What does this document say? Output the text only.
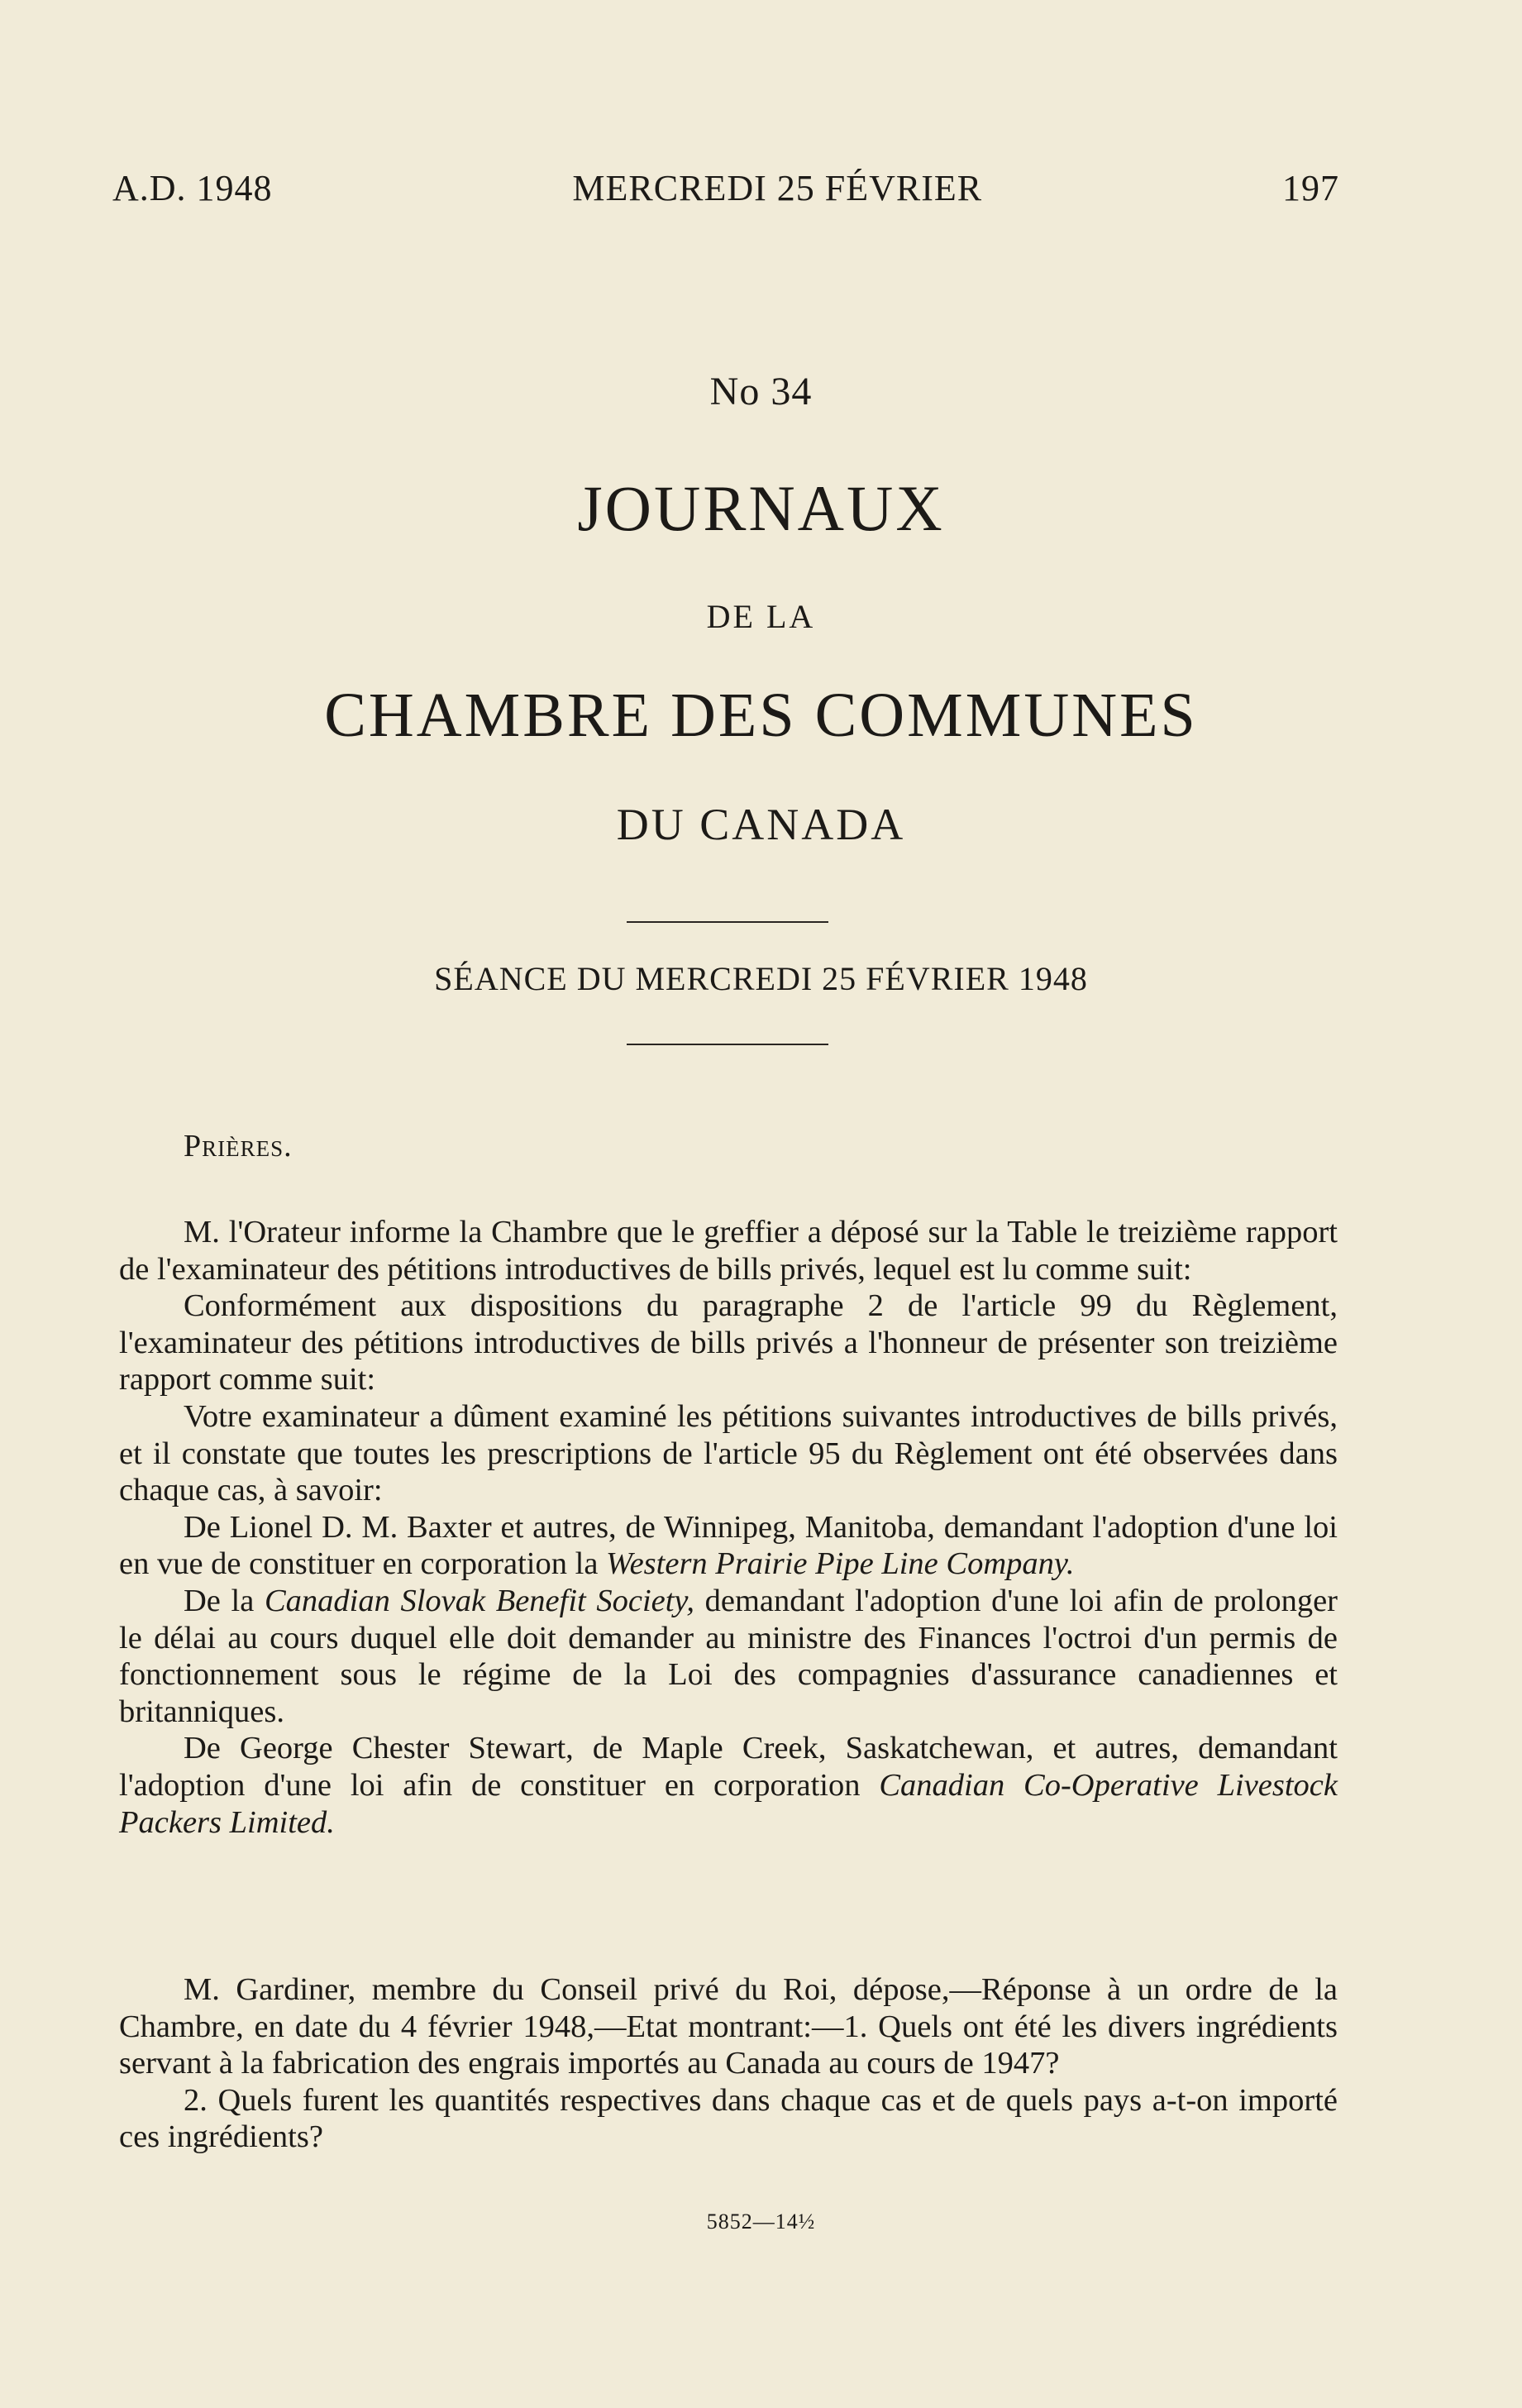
A.D. 1948	MERCREDI 25 FÉVRIER	197
No 34
JOURNAUX
DE LA
CHAMBRE DES COMMUNES
DU CANADA
SÉANCE DU MERCREDI 25 FÉVRIER 1948
Prières.

M. l'Orateur informe la Chambre que le greffier a déposé sur la Table le treizième rapport de l'examinateur des pétitions introductives de bills privés, lequel est lu comme suit:

Conformément aux dispositions du paragraphe 2 de l'article 99 du Règlement, l'examinateur des pétitions introductives de bills privés a l'honneur de présenter son treizième rapport comme suit:

Votre examinateur a dûment examiné les pétitions suivantes introductives de bills privés, et il constate que toutes les prescriptions de l'article 95 du Règlement ont été observées dans chaque cas, à savoir:

De Lionel D. M. Baxter et autres, de Winnipeg, Manitoba, demandant l'adoption d'une loi en vue de constituer en corporation la Western Prairie Pipe Line Company.

De la Canadian Slovak Benefit Society, demandant l'adoption d'une loi afin de prolonger le délai au cours duquel elle doit demander au ministre des Finances l'octroi d'un permis de fonctionnement sous le régime de la Loi des compagnies d'assurance canadiennes et britanniques.

De George Chester Stewart, de Maple Creek, Saskatchewan, et autres, demandant l'adoption d'une loi afin de constituer en corporation Canadian Co-Operative Livestock Packers Limited.

M. Gardiner, membre du Conseil privé du Roi, dépose,—Réponse à un ordre de la Chambre, en date du 4 février 1948,—Etat montrant:—1. Quels ont été les divers ingrédients servant à la fabrication des engrais importés au Canada au cours de 1947?

2. Quels furent les quantités respectives dans chaque cas et de quels pays a-t-on importé ces ingrédients?

5852—14½
